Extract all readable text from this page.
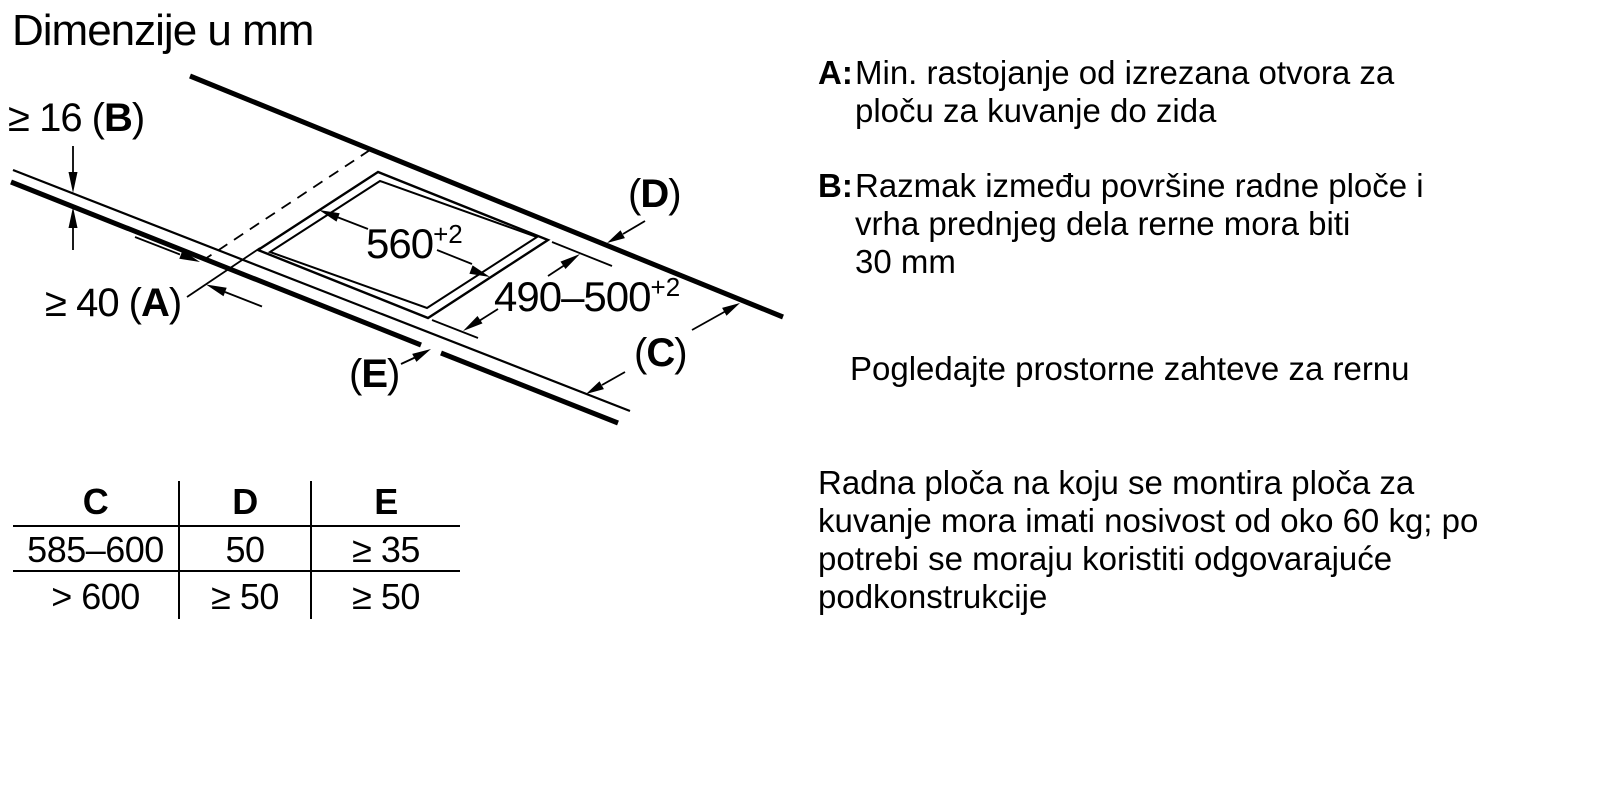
Dimenzije u mm
≥ 16 (B)
≥ 40 (A)
$560^{+2}$
$490-500^{+2}$
(D)
(C)
(E)
C	D	E
585–600	50	≥ 35
> 600	≥ 50	≥ 50
A: Min. rastojanje od izrezana otvora za
ploču za kuvanje do zida
B: Razmak između površine radne ploče i
vrha prednjeg dela rerne mora biti
30 mm
Pogledajte prostorne zahteve za rernu
Radna ploča na koju se montira ploča za
kuvanje mora imati nosivost od oko 60 kg; po
potrebi se moraju koristiti odgovarajuće
podkonstrukcije
